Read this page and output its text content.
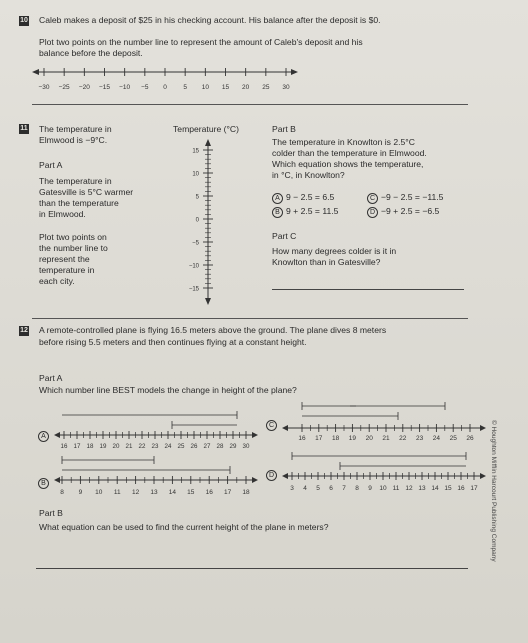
10 Caleb makes a deposit of $25 in his checking account. His balance after the deposit is $0.
Plot two points on the number line to represent the amount of Caleb's deposit and his
balance before the deposit.
−30 −25 −20 −15 −10 −5 0	5 10 15 20 25 30
11 The temperature in
Elmwood is −9°C.
Part A
The temperature in
Gatesville is 5°C warmer
than the temperature
in Elmwood.
Plot two points on
the number line to
represent the
temperature in
each city.
Temperature (°C)
15
10
5
0
−5
−10
−15
Part B
The temperature in Knowlton is 2.5°C
colder than the temperature in Elmwood.
Which equation shows the temperature,
in °C, in Knowlton?
A 9 − 2.5 = 6.5	C −9 − 2.5 = −11.5
B 9 + 2.5 = 11.5	D −9 + 2.5 = −6.5
Part C
How many degrees colder is it in
Knowlton than in Gatesville?
12 A remote-controlled plane is flying 16.5 meters above the ground. The plane dives 8 meters
before rising 5.5 meters and then continues flying at a constant height.
Part A
Which number line BEST models the change in height of the plane?
A
16 17 18 19 20 21 22 23 24 25 26 27 28 29 30
C
16 17 18 19 20 21 22 23 24 25 26
B
8 9 10 11 12 13 14 15 16 17 18
D
3 4 5 6 7 8 9 10 11 12 13 14 15 16 17
Part B
What equation can be used to find the current height of the plane in meters?	© Houghton Mifflin Harcourt Publishing Company
